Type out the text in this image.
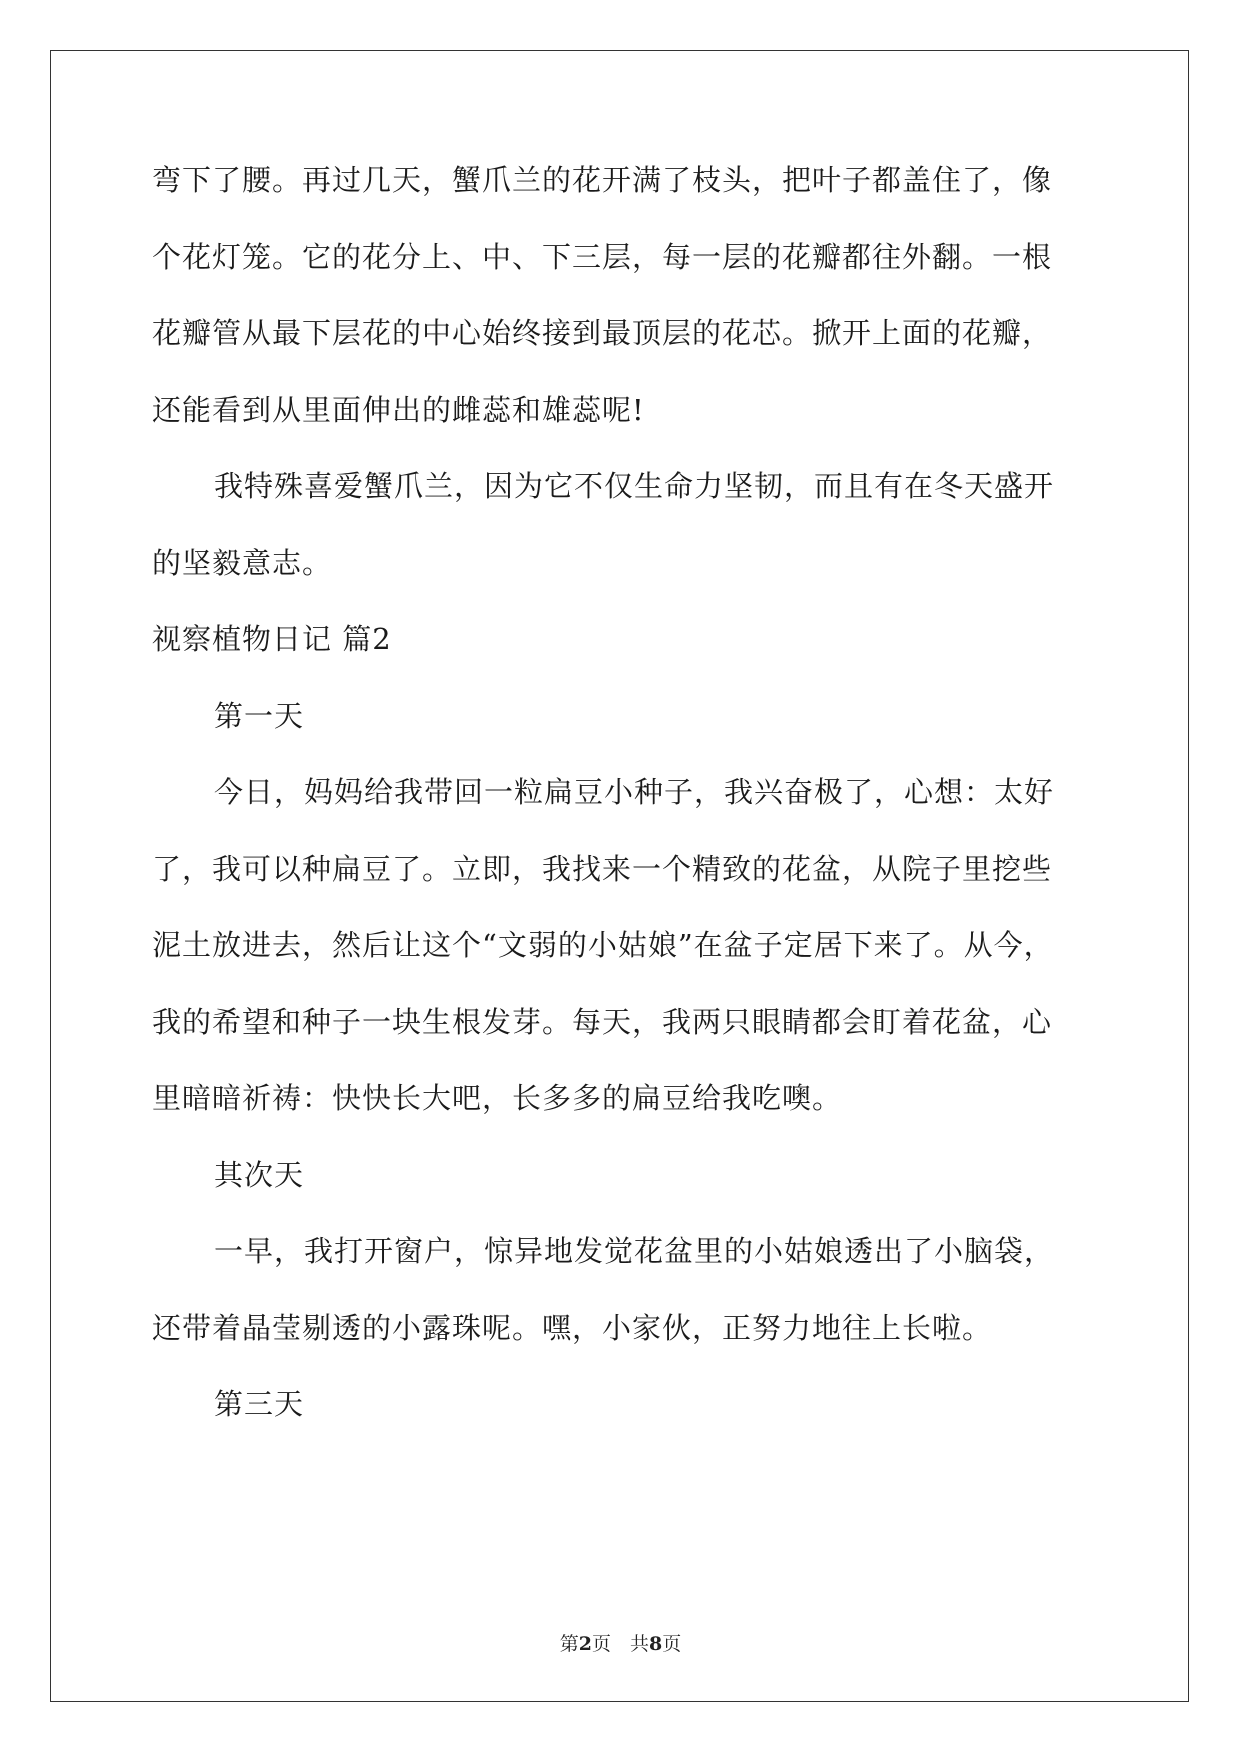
弯下了腰。再过几天，蟹爪兰的花开满了枝头，把叶子都盖住了，像

个花灯笼。它的花分上、中、下三层，每一层的花瓣都往外翻。一根

花瓣管从最下层花的中心始终接到最顶层的花芯。掀开上面的花瓣，

还能看到从里面伸出的雌蕊和雄蕊呢!

我特殊喜爱蟹爪兰，因为它不仅生命力坚韧，而且有在冬天盛开

的坚毅意志。

视察植物日记 篇2

第一天

今日，妈妈给我带回一粒扁豆小种子，我兴奋极了，心想：太好

了，我可以种扁豆了。立即，我找来一个精致的花盆，从院子里挖些

泥土放进去，然后让这个“文弱的小姑娘”在盆子定居下来了。从今，

我的希望和种子一块生根发芽。每天，我两只眼睛都会盯着花盆，心

里暗暗祈祷：快快长大吧，长多多的扁豆给我吃噢。

其次天

一早，我打开窗户，惊异地发觉花盆里的小姑娘透出了小脑袋，

还带着晶莹剔透的小露珠呢。嘿，小家伙，正努力地往上长啦。

第三天

第2页　共8页
